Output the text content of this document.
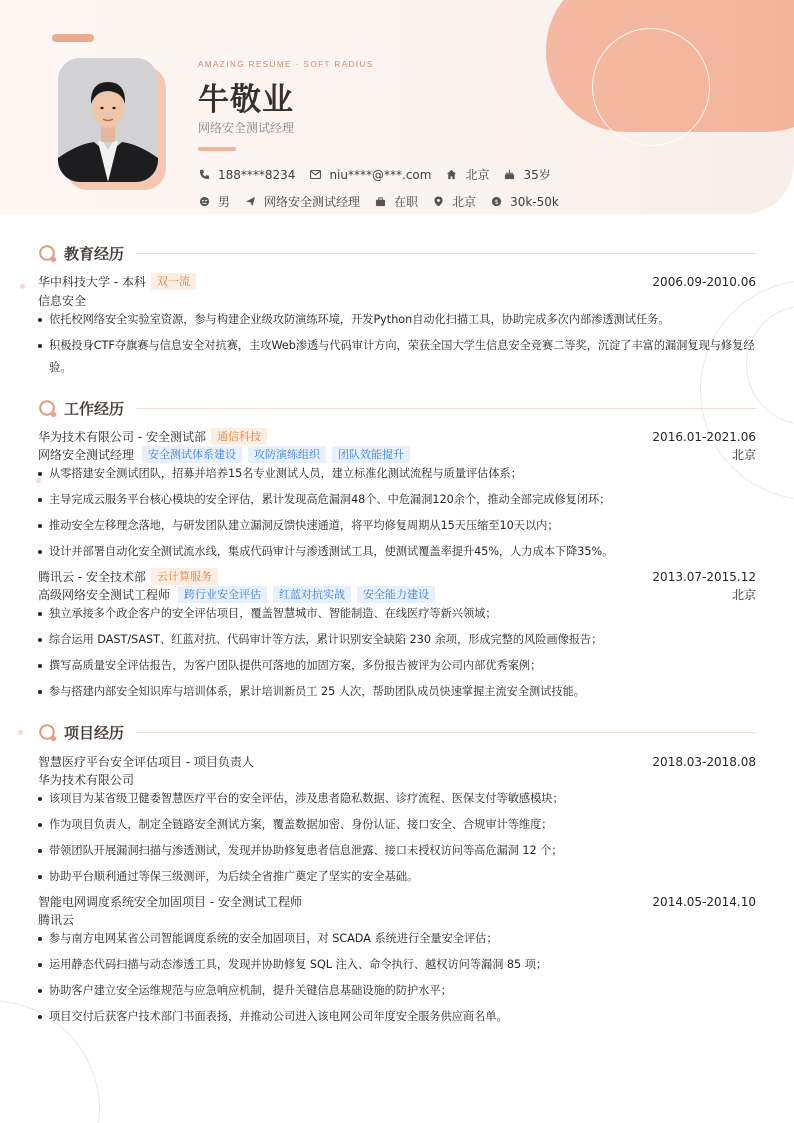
AMAZING RESUME · SOFT RADIUS
牛敬业
网络安全测试经理
188****8234	niu****@***.com	北京	35岁
男	网络安全测试经理	在职	北京	$ 30k-50k
教育经历
华中科技大学 - 本科	双一流	2006.09-2010.06
信息安全
依托校网络安全实验室资源，参与构建企业级攻防演练环境，开发Python自动化扫描工具，协助完成多次内部渗透测试任务。
积极投身CTF夺旗赛与信息安全对抗赛，主攻Web渗透与代码审计方向，荣获全国大学生信息安全竞赛二等奖，沉淀了丰富的漏洞复现与修复经验。
工作经历
华为技术有限公司 - 安全测试部	通信科技	2016.01-2021.06
网络安全测试经理	安全测试体系建设	攻防演练组织	团队效能提升	北京
从零搭建安全测试团队，招募并培养15名专业测试人员，建立标准化测试流程与质量评估体系；
主导完成云服务平台核心模块的安全评估，累计发现高危漏洞48个、中危漏洞120余个，推动全部完成修复闭环；
推动安全左移理念落地，与研发团队建立漏洞反馈快速通道，将平均修复周期从15天压缩至10天以内；
设计并部署自动化安全测试流水线，集成代码审计与渗透测试工具，使测试覆盖率提升45%，人力成本下降35%。
腾讯云 - 安全技术部	云计算服务	2013.07-2015.12
高级网络安全测试工程师	跨行业安全评估	红蓝对抗实战	安全能力建设	北京
独立承接多个政企客户的安全评估项目，覆盖智慧城市、智能制造、在线医疗等新兴领域；
综合运用 DAST/SAST、红蓝对抗、代码审计等方法，累计识别安全缺陷 230 余项，形成完整的风险画像报告；
撰写高质量安全评估报告，为客户团队提供可落地的加固方案，多份报告被评为公司内部优秀案例；
参与搭建内部安全知识库与培训体系，累计培训新员工 25 人次，帮助团队成员快速掌握主流安全测试技能。
项目经历
智慧医疗平台安全评估项目 - 项目负责人	2018.03-2018.08
华为技术有限公司
该项目为某省级卫健委智慧医疗平台的安全评估，涉及患者隐私数据、诊疗流程、医保支付等敏感模块；
作为项目负责人，制定全链路安全测试方案，覆盖数据加密、身份认证、接口安全、合规审计等维度；
带领团队开展漏洞扫描与渗透测试，发现并协助修复患者信息泄露、接口未授权访问等高危漏洞 12 个；
协助平台顺利通过等保三级测评，为后续全省推广奠定了坚实的安全基础。
智能电网调度系统安全加固项目 - 安全测试工程师	2014.05-2014.10
腾讯云
参与南方电网某省公司智能调度系统的安全加固项目，对 SCADA 系统进行全量安全评估；
运用静态代码扫描与动态渗透工具，发现并协助修复 SQL 注入、命令执行、越权访问等漏洞 85 项；
协助客户建立安全运维规范与应急响应机制，提升关键信息基础设施的防护水平；
项目交付后获客户技术部门书面表扬，并推动公司进入该电网公司年度安全服务供应商名单。
